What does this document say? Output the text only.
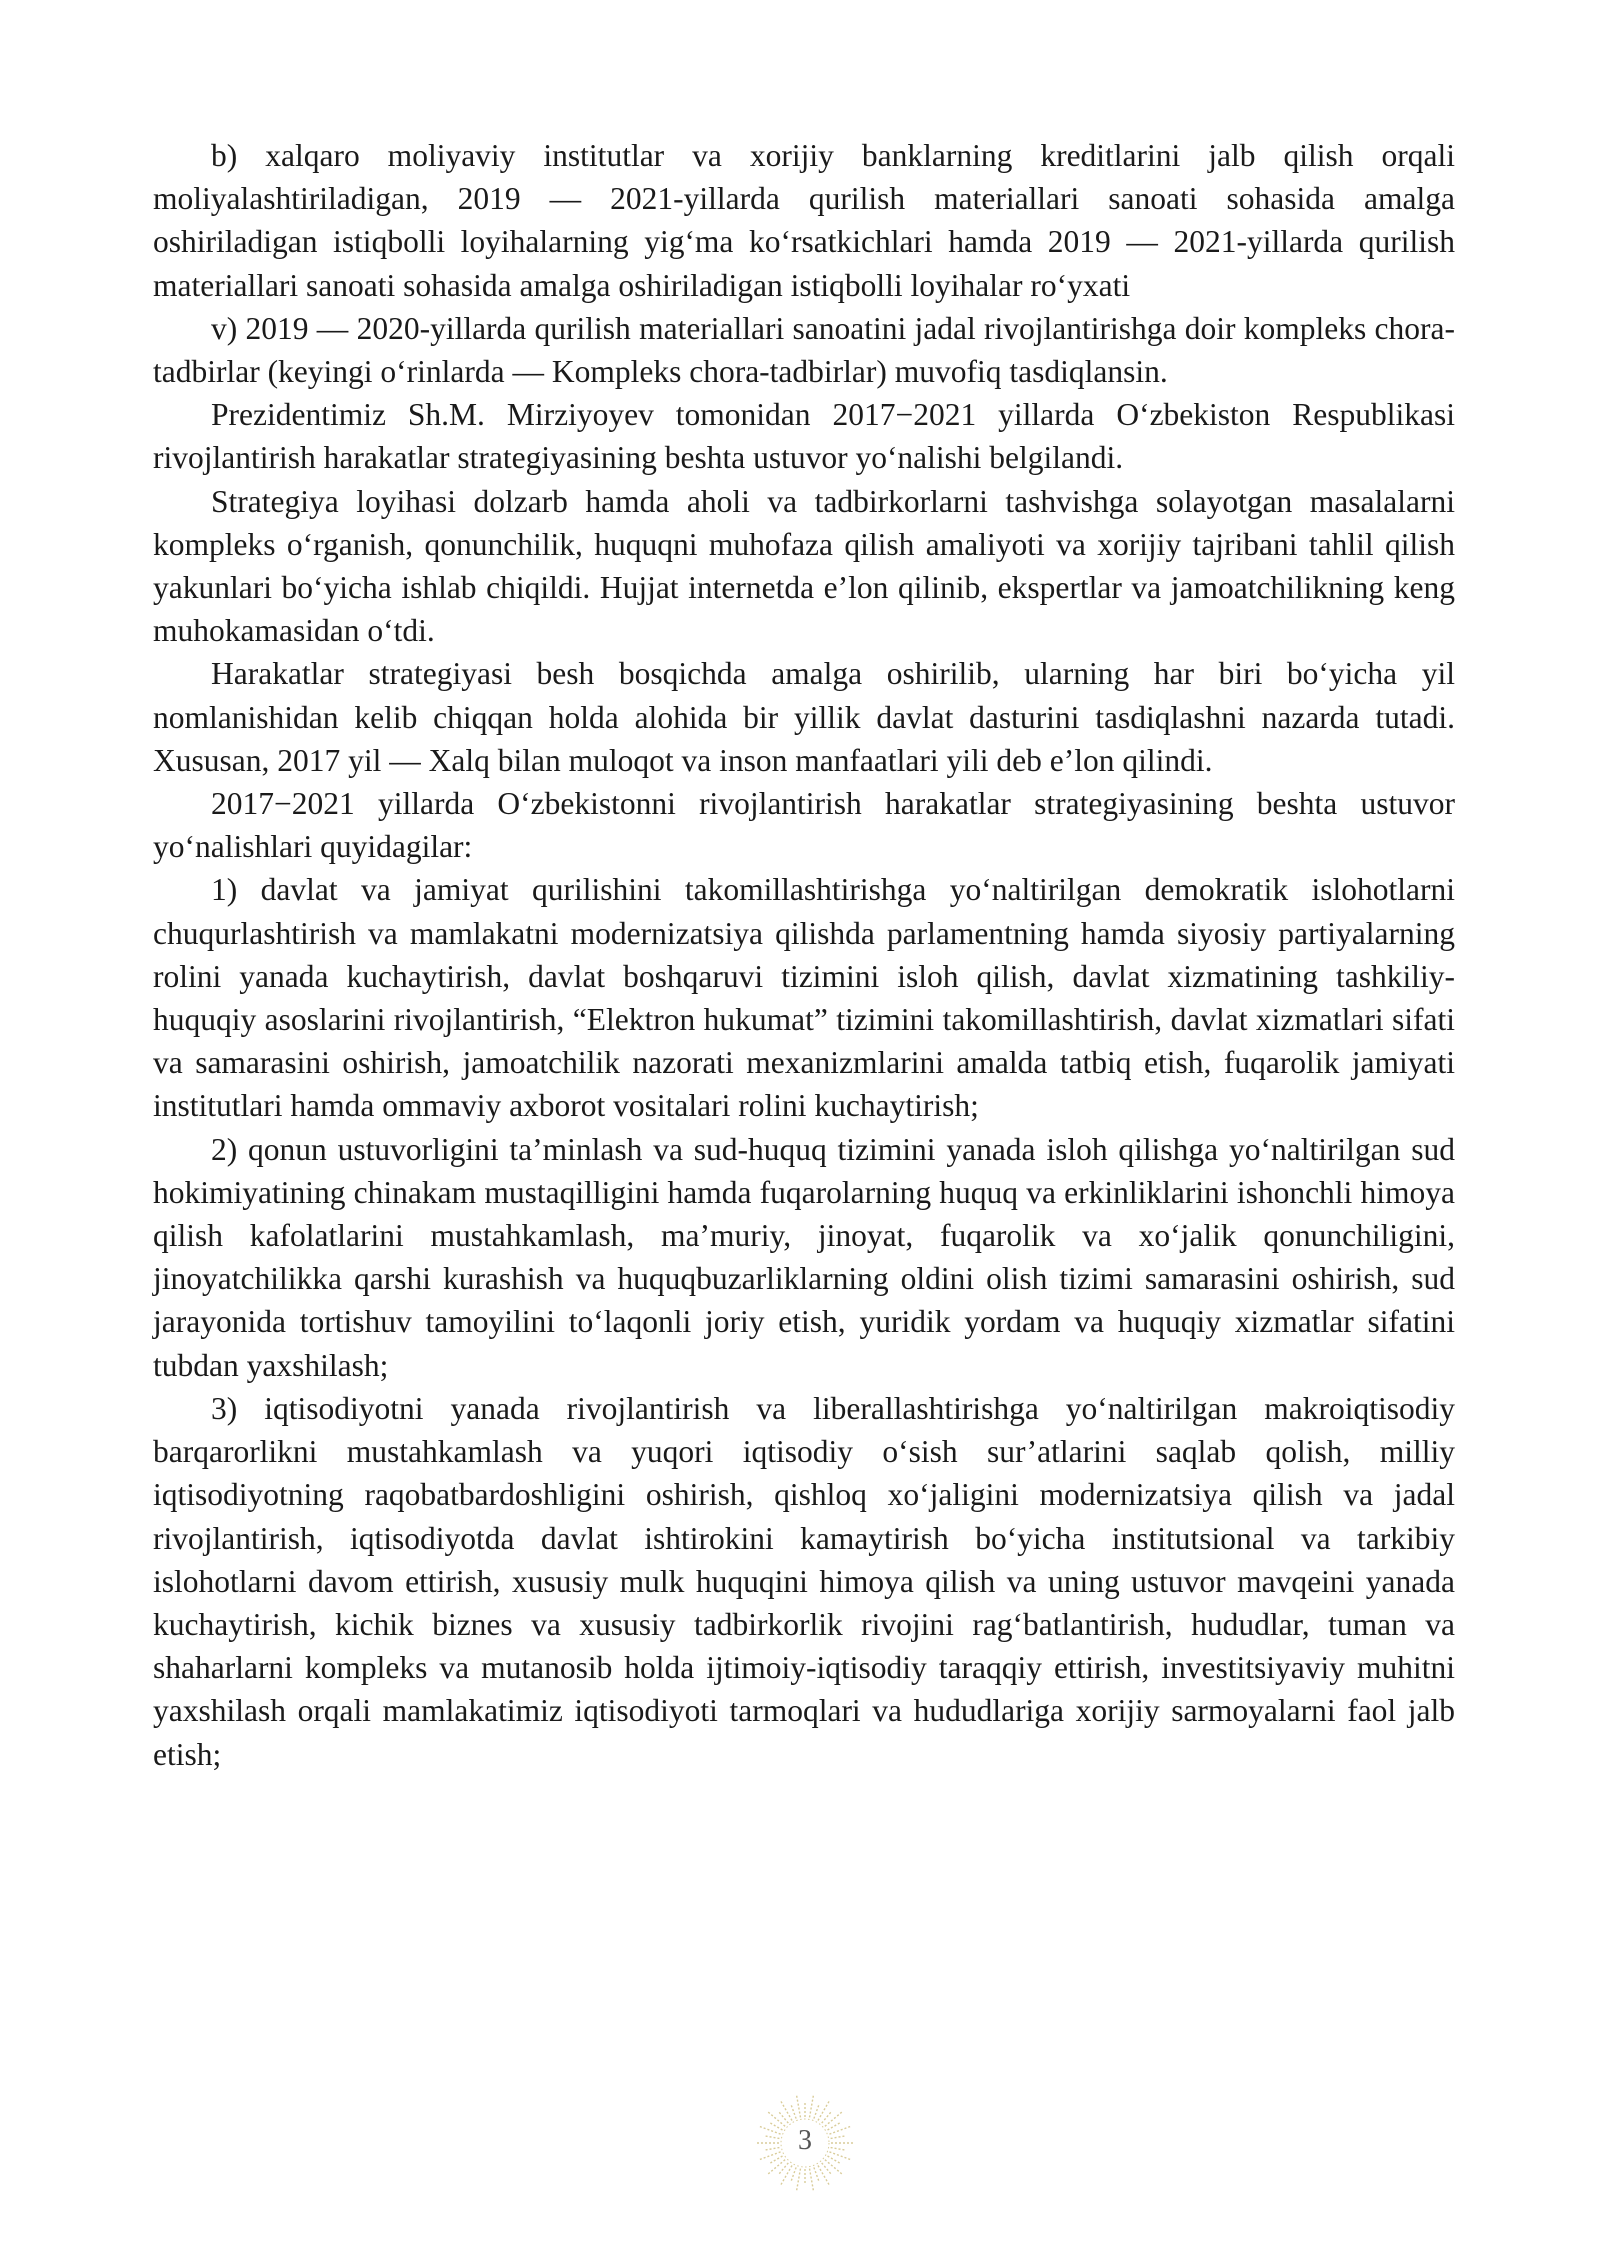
b) xalqaro moliyaviy institutlar va xorijiy banklarning kreditlarini jalb qilish orqali moliyalashtiriladigan, 2019 — 2021-yillarda qurilish materiallari sanoati sohasida amalga oshiriladigan istiqbolli loyihalarning yig‘ma ko‘rsatkichlari hamda 2019 — 2021-yillarda qurilish materiallari sanoati sohasida amalga oshiriladigan istiqbolli loyihalar ro‘yxati

v) 2019 — 2020-yillarda qurilish materiallari sanoatini jadal rivojlantirishga doir kompleks chora-tadbirlar (keyingi o‘rinlarda — Kompleks chora-tadbirlar) muvofiq tasdiqlansin.

Prezidentimiz Sh.M. Mirziyoyev tomonidan 2017−2021 yillarda O‘zbekiston Respublikasi rivojlantirish harakatlar strategiyasining beshta ustuvor yo‘nalishi belgilandi.

Strategiya loyihasi dolzarb hamda aholi va tadbirkorlarni tashvishga solayotgan masalalarni kompleks o‘rganish, qonunchilik, huquqni muhofaza qilish amaliyoti va xorijiy tajribani tahlil qilish yakunlari bo‘yicha ishlab chiqildi. Hujjat internetda e’lon qilinib, ekspertlar va jamoatchilikning keng muhokamasidan o‘tdi.

Harakatlar strategiyasi besh bosqichda amalga oshirilib, ularning har biri bo‘yicha yil nomlanishidan kelib chiqqan holda alohida bir yillik davlat dasturini tasdiqlashni nazarda tutadi. Xususan, 2017 yil — Xalq bilan muloqot va inson manfaatlari yili deb e’lon qilindi.

2017−2021 yillarda O‘zbekistonni rivojlantirish harakatlar strategiyasining beshta ustuvor yo‘nalishlari quyidagilar:

1) davlat va jamiyat qurilishini takomillashtirishga yo‘naltirilgan demokratik islohotlarni chuqurlashtirish va mamlakatni modernizatsiya qilishda parlamentning hamda siyosiy partiyalarning rolini yanada kuchaytirish, davlat boshqaruvi tizimini isloh qilish, davlat xizmatining tashkiliy-huquqiy asoslarini rivojlantirish, “Elektron hukumat” tizimini takomillashtirish, davlat xizmatlari sifati va samarasini oshirish, jamoatchilik nazorati mexanizmlarini amalda tatbiq etish, fuqarolik jamiyati institutlari hamda ommaviy axborot vositalari rolini kuchaytirish;

2) qonun ustuvorligini ta’minlash va sud-huquq tizimini yanada isloh qilishga yo‘naltirilgan sud hokimiyatining chinakam mustaqilligini hamda fuqarolarning huquq va erkinliklarini ishonchli himoya qilish kafolatlarini mustahkamlash, ma’muriy, jinoyat, fuqarolik va xo‘jalik qonunchiligini, jinoyatchilikka qarshi kurashish va huquqbuzarliklarning oldini olish tizimi samarasini oshirish, sud jarayonida tortishuv tamoyilini to‘laqonli joriy etish, yuridik yordam va huquqiy xizmatlar sifatini tubdan yaxshilash;

3) iqtisodiyotni yanada rivojlantirish va liberallashtirishga yo‘naltirilgan makroiqtisodiy barqarorlikni mustahkamlash va yuqori iqtisodiy o‘sish sur’atlarini saqlab qolish, milliy iqtisodiyotning raqobatbardoshligini oshirish, qishloq xo‘jaligini modernizatsiya qilish va jadal rivojlantirish, iqtisodiyotda davlat ishtirokini kamaytirish bo‘yicha institutsional va tarkibiy islohotlarni davom ettirish, xususiy mulk huquqini himoya qilish va uning ustuvor mavqeini yanada kuchaytirish, kichik biznes va xususiy tadbirkorlik rivojini rag‘batlantirish, hududlar, tuman va shaharlarni kompleks va mutanosib holda ijtimoiy-iqtisodiy taraqqiy ettirish, investitsiyaviy muhitni yaxshilash orqali mamlakatimiz iqtisodiyoti tarmoqlari va hududlariga xorijiy sarmoyalarni faol jalb etish;

3
